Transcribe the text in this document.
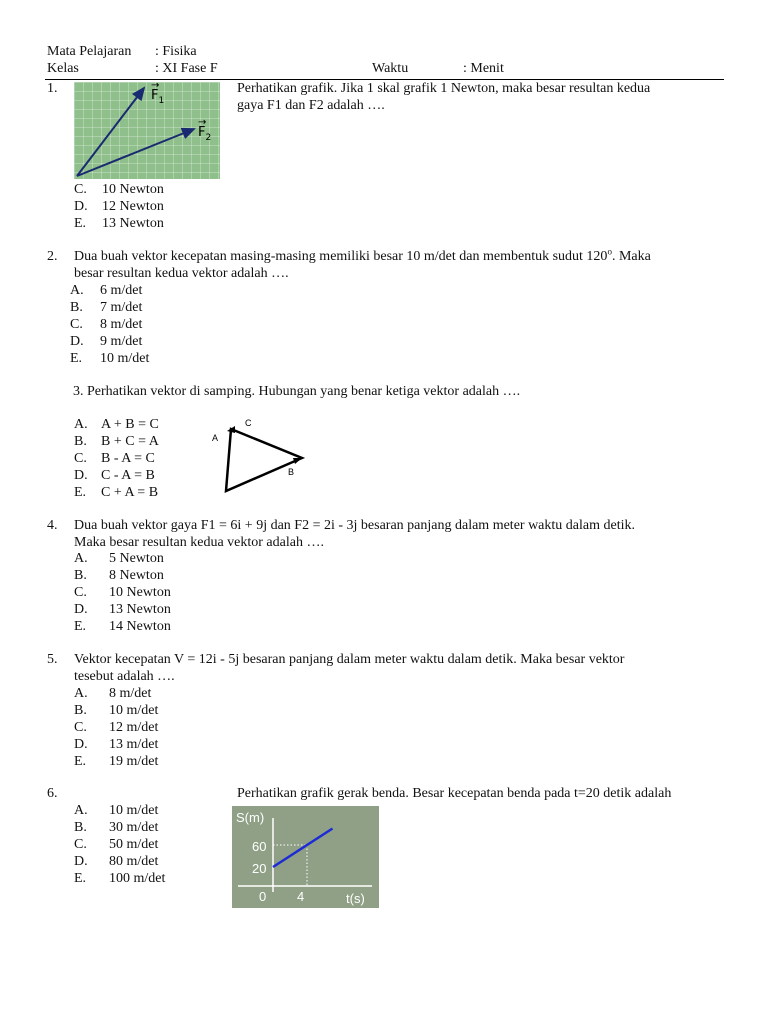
Mata Pelajaran : Fisika
Kelas	: XI Fase F	Waktu	: Menit
1.	$F_1$
→
$F_2$
→
Perhatikan grafik. Jika 1 skal grafik 1 Newton, maka besar resultan kedua
gaya F1 dan F2 adalah ….
2. Dua buah vektor kecepatan masing-masing memiliki besar 10 m/det dan membentuk sudut 120$^o$. Maka
besar resultan kedua vektor adalah ….
3. Perhatikan vektor di samping. Hubungan yang benar ketiga vektor adalah ….
A
C
B
4. Dua buah vektor gaya F1 = 6i + 9j dan F2 = 2i - 3j besaran panjang dalam meter waktu dalam detik.
Maka besar resultan kedua vektor adalah ….
5. Vektor kecepatan V = 12i - 5j besaran panjang dalam meter waktu dalam detik. Maka besar vektor
tesebut adalah ….
6.	Perhatikan grafik gerak benda. Besar kecepatan benda pada t=20 detik adalah
S(m)
t(s)
60
20
0 4
C. 10 Newton
D. 12 Newton
E. 13 Newton
A. 6 m/det
B. 7 m/det
C. 8 m/det
D. 9 m/det
E. 10 m/det
A. A + B = C
B. B + C = A
C. B - A = C
D. C - A = B
E. C + A = B
A. 5 Newton
B. 8 Newton
C. 10 Newton
D. 13 Newton
E. 14 Newton
A. 8 m/det
B. 10 m/det
C. 12 m/det
D. 13 m/det
E. 19 m/det
A. 10 m/det
B. 30 m/det
C. 50 m/det
D. 80 m/det
E. 100 m/det
